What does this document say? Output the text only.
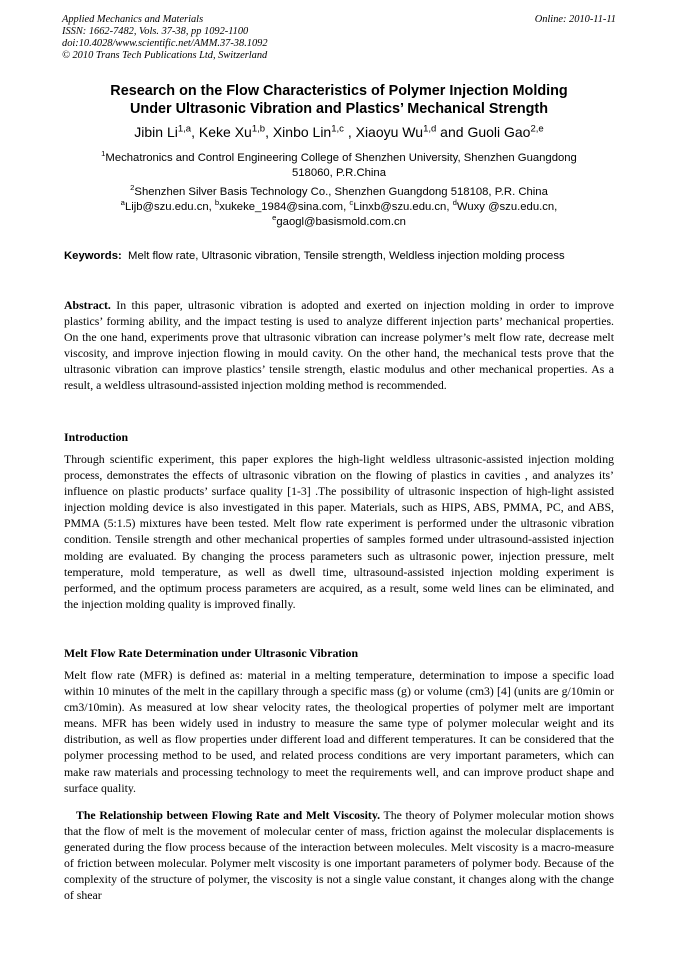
Applied Mechanics and Materials
ISSN: 1662-7482, Vols. 37-38, pp 1092-1100
doi:10.4028/www.scientific.net/AMM.37-38.1092
© 2010 Trans Tech Publications Ltd, Switzerland
Online: 2010-11-11
Research on the Flow Characteristics of Polymer Injection Molding
Under Ultrasonic Vibration and Plastics’ Mechanical Strength
Jibin Li$^{1,a}$, Keke Xu$^{1,b}$, Xinbo Lin$^{1,c}$ , Xiaoyu Wu$^{1,d}$ and Guoli Gao$^{2,e}$
$^1$Mechatronics and Control Engineering College of Shenzhen University, Shenzhen Guangdong
518060, P.R.China
$^2$Shenzhen Silver Basis Technology Co., Shenzhen Guangdong 518108, P.R. China
$^a$Lijb@szu.edu.cn, $^b$xukeke_1984@sina.com, $^c$Linxb@szu.edu.cn, $^d$Wuxy @szu.edu.cn,
$^e$gaogl@basismold.com.cn
Keywords: Melt flow rate, Ultrasonic vibration, Tensile strength, Weldless injection molding process
Abstract. In this paper, ultrasonic vibration is adopted and exerted on injection molding in order to improve plastics’ forming ability, and the impact testing is used to analyze different injection parts’ mechanical properties. On the one hand, experiments prove that ultrasonic vibration can increase polymer’s melt flow rate, decrease melt viscosity, and improve injection flowing in mould cavity. On the other hand, the mechanical tests prove that the ultrasonic vibration can improve plastics’ tensile strength, elastic modulus and other mechanical properties. As a result, a weldless ultrasound-assisted injection molding method is recommended.
Introduction
Through scientific experiment, this paper explores the high-light weldless ultrasonic-assisted injection molding process, demonstrates the effects of ultrasonic vibration on the flowing of plastics in cavities , and analyzes its’ influence on plastic products’ surface quality [1-3] .The possibility of ultrasonic inspection of high-light assisted injection molding device is also investigated in this paper. Materials, such as HIPS, ABS, PMMA, PC, and ABS, PMMA (5:1.5) mixtures have been tested. Melt flow rate experiment is performed under the ultrasonic vibration condition. Tensile strength and other mechanical properties of samples formed under ultrasound-assisted injection molding are evaluated. By changing the process parameters such as ultrasonic power, injection pressure, melt temperature, mold temperature, as well as dwell time, ultrasound-assisted injection molding experiment is performed, and the optimum process parameters are acquired, as a result, some weld lines can be eliminated, and the injection molding quality is improved finally.
Melt Flow Rate Determination under Ultrasonic Vibration
Melt flow rate (MFR) is defined as: material in a melting temperature, determination to impose a specific load within 10 minutes of the melt in the capillary through a specific mass (g) or volume (cm3) [4] (units are g/10min or cm3/10min). As measured at low shear velocity rates, the theological properties of polymer melt are important means. MFR has been widely used in industry to measure the same type of polymer molecular weight and its distribution, as well as flow properties under different load and different temperatures. It can be considered that the polymer processing method to be used, and related process conditions are very important parameters, which can make raw materials and processing technology to meet the requirements well, and can improve product shape and surface quality.
The Relationship between Flowing Rate and Melt Viscosity. The theory of Polymer molecular motion shows that the flow of melt is the movement of molecular center of mass, friction against the molecular displacements is generated during the flow process because of the interaction between molecules. Melt viscosity is a macro-measure of friction between molecular. Polymer melt viscosity is one important parameters of polymer body. Because of the complexity of the structure of polymer, the viscosity is not a single value constant, it changes along with the change of shear
